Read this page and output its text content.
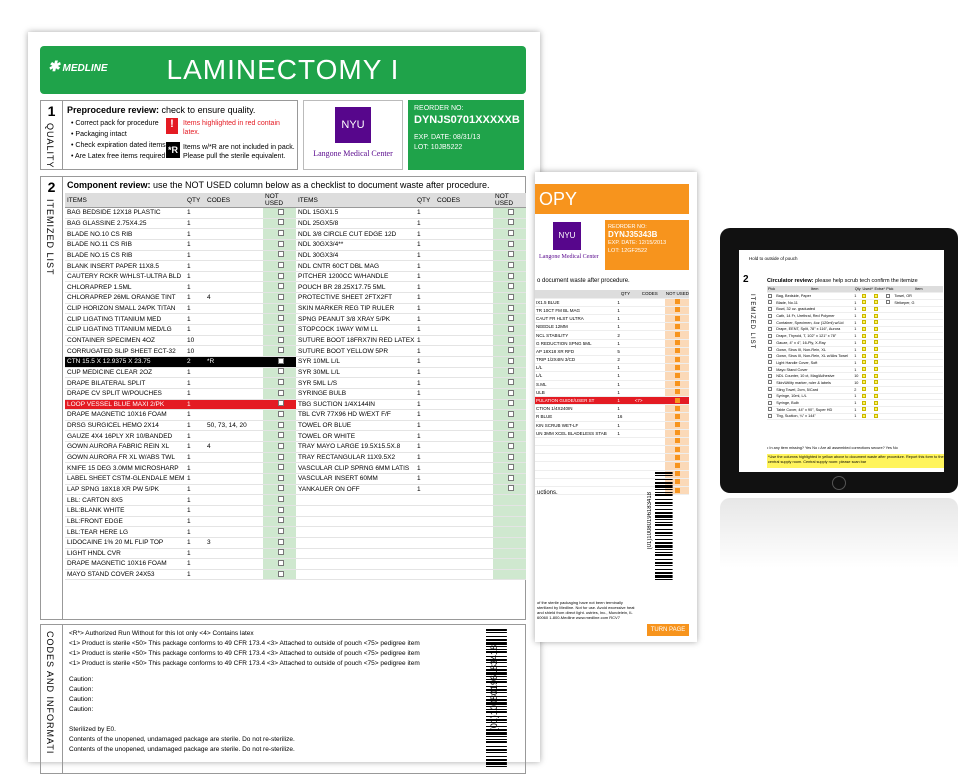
✱ MEDLINE	LAMINECTOMY I
1
QUALITY
Preprocedure review: check to ensure quality.
• Correct pack for procedure
• Packaging intact
• Check expiration dated items
• Are Latex free items required
!	Items highlighted in red contain latex.
*R Items w/*R are not included in pack. Please pull the sterile equivalent.
NYU
Langone Medical Center
REORDER NO:
DYNJS0701XXXXXB
EXP. DATE: 08/31/13
LOT: 10JB5222
2
ITEMIZED LIST
Component review: use the NOT USED column below as a checklist to document waste after procedure.
ITEMS	QTY	CODES	NOT USED
BAG BEDSIDE 12X18 PLASTIC	1		
BAG GLASSINE 2.75X4.25	1		
BLADE NO.10 CS RIB	1		
BLADE NO.11 CS RIB	1		
BLADE NO.15 CS RIB	1		
BLANK INSERT PAPER 11X8.5	1		
CAUTERY RCKR W/HLST-ULTRA BLD	1		
CHLORAPREP 1.5ML	1		
CHLORAPREP 26ML ORANGE TINT	1	4	
CLIP HORIZON SMALL 24/PK TITAN	1		
CLIP LIGATING TITANIUM MED	1		
CLIP LIGATING TITANIUM MED/LG	1		
CONTAINER SPECIMEN 4OZ	10		
CORRUGATED SLIP SHEET ECT-32	10		
CTN 15.5 X 12.9375 X 23.75	2	*R	
CUP MEDICINE CLEAR 2OZ	1		
DRAPE BILATERAL SPLIT	1		
DRAPE CV SPLIT W/POUCHES	1		
LOOP VESSEL BLUE MAXI 2/PK	1		
DRAPE MAGNETIC 10X16 FOAM	1		
DRSG SURGICEL HEMO 2X14	1	50, 73, 14, 20	
GAUZE 4X4 16PLY XR 10/BANDED	1		
GOWN AURORA FABRIC REIN XL	1	4	
GOWN AURORA FR XL W/ABS TWL	1		
KNIFE 15 DEG 3.0MM MICROSHARP	1		
LABEL SHEET CSTM-GLENDALE MEM	1		
LAP SPNG 18X18 XR PW 5/PK	1		
LBL: CARTON 8X5	1		
LBL:BLANK WHITE	1		
LBL:FRONT EDGE	1		
LBL:TEAR HERE LG	1		
LIDOCAINE 1% 20 ML FLIP TOP	1	3	
LIGHT HNDL CVR	1		
DRAPE MAGNETIC 10X16 FOAM	1		
MAYO STAND COVER 24X53	1		
ITEMS	QTY	CODES	NOT USED
NDL 15GX1.5	1		
NDL 25GX5/8	1		
NDL 3/8 CIRCLE CUT EDGE 12D	1		
NDL 30GX3/4**	1		
NDL 30GX3/4	1		
NDL CNTR 60CT DBL MAG	1		
PITCHER 1200CC W/HANDLE	1		
POUCH BR 28.25X17.75 5ML	1		
PROTECTIVE SHEET 2FTX2FT	1		
SKIN MARKER REG TIP RULER	1		
SPNG PEANUT 3/8 XRAY 5/PK	1		
STOPCOCK 1WAY W/M LL	1		
SUTURE BOOT 18FRX7IN RED LATEX	1		
SUTURE BOOT YELLOW 5PR	1		
SYR 10ML L/L	1		
SYR 30ML L/L	1		
SYR 5ML L/S	1		
SYRINGE BULB	1		
TBG SUCTION 1/4X144IN	1		
TBL CVR 77X96 HD W/EXT F/F	1		
TOWEL OR BLUE	1		
TOWEL OR WHITE	1		
TRAY MAYO LARGE 19.5X15.5X.8	1		
TRAY RECTANGULAR 11X9.5X2	1		
VASCULAR CLIP SPRNG 6MM LATIS	1		
VASCULAR INSERT 60MM	1		
YANKAUER ON OFF	1		

CODES AND INFORMATI <R*> Authorized Run Without for this lot only <4> Contains latex
<1> Product is sterile <50> This package conforms to 49 CFR 173.4 <3> Attached to outside of pouch <75> pedigree item
<1> Product is sterile <50> This package conforms to 49 CFR 173.4 <3> Attached to outside of pouch <75> pedigree item
<1> Product is sterile <50> This package conforms to 49 CFR 173.4 <3> Attached to outside of pouch <75> pedigree item
Caution:
Caution:
Caution:
Caution:
Sterilized by E0.
Contents of the unopened, undamaged package are sterile. Do not re-sterilize.
Contents of the unopened, undamaged package are sterile. Do not re-sterilize.
(01)10080196183418
OPY
NYU
Langone Medical Center
REORDER NO:
DYNJ35343B
EXP. DATE: 12/15/2013
LOT: 12GF2522
o document waste after procedure.
	QTY	CODES	NOT USED
IX1.5 BLUE	1		
TR 10CT FM BL MAG	1		
CAUT FR HLST ULTRA	1		
NEEDLE 12MM	1		
NCL STABILITY	2		
G REDUCTION SPNG 5ML	1		
AP 18X18 XR RFD	5		
TRIP 1/2X4IN 3/CD	2		
L/L	1		
L/L	1		
S.ML	1		
ULB	1		
PULATION GUIDE/USER ST	1	<7>	
CTION 1/4X240IN	1		
R BLUE	16		
KIN SCRUB WET-LF	1		
UN 3MM XCEL BLADELESS STAB	1		

uctions.	(01)10080196183418
of the sterile packaging have not been terminally sterilized by Medline. Not for use. Avoid excessive heat and shield from direct light. ustries, Inc., Mundelein, IL 60060 1-800-Medline www.medline.com RCV7
TURN PAGE
Hold to outside of pouch
2
ITEMIZED LIST
Circulator review: please help scrub tech confirm the itemize
Pick	Item	Qty	Used*	Extra*	Pick	Item
	Bag, Bedside, Paper	1				Towel, OR
	Blade, No.11	1				Strikeper, G
	Bowl, 32 oz. graduated	1				
	Cath, 14 Fr, Urethral, Red Polymer	1				
	Container, Specimen, 4oz (120ml) w/Lid	1				
	Drape, EENT, Split, 78" x 116", Aurora	1				
	Drape, Thyroid, T, 102" x 121" x 78"	1				
	Gauze, 4" x 4", 16-Ply, X-Ray	1				
	Gown, Sirus III, Non-Rein, XL	1				
	Gown, Sirus III, Non-Rein, XL w/Abs Towel	1				
	Light Handle Cover, Soft	1				
	Mayo Stand Cover	1				
	NDL Counter, 10 ct, Mag/Adhesive	10				
	Skin/Utility marker, ruler & labels	10				
	Sling Towel, 2cm, 5/Card	2				
	Syringe, 10ml, L/L	1				
	Syringe, Bulb	1				
	Table Cover, 44" x 90", Super HD	1				
	Tbg, Suction, ¼" x 144"	1				
• In any item missing? Yes No • Are all assembled corrections secure? Yes No
*Use the columns highlighted in yellow above to document waste after procedure. Report this form to the central supply room. Central supply room: please scan bar
